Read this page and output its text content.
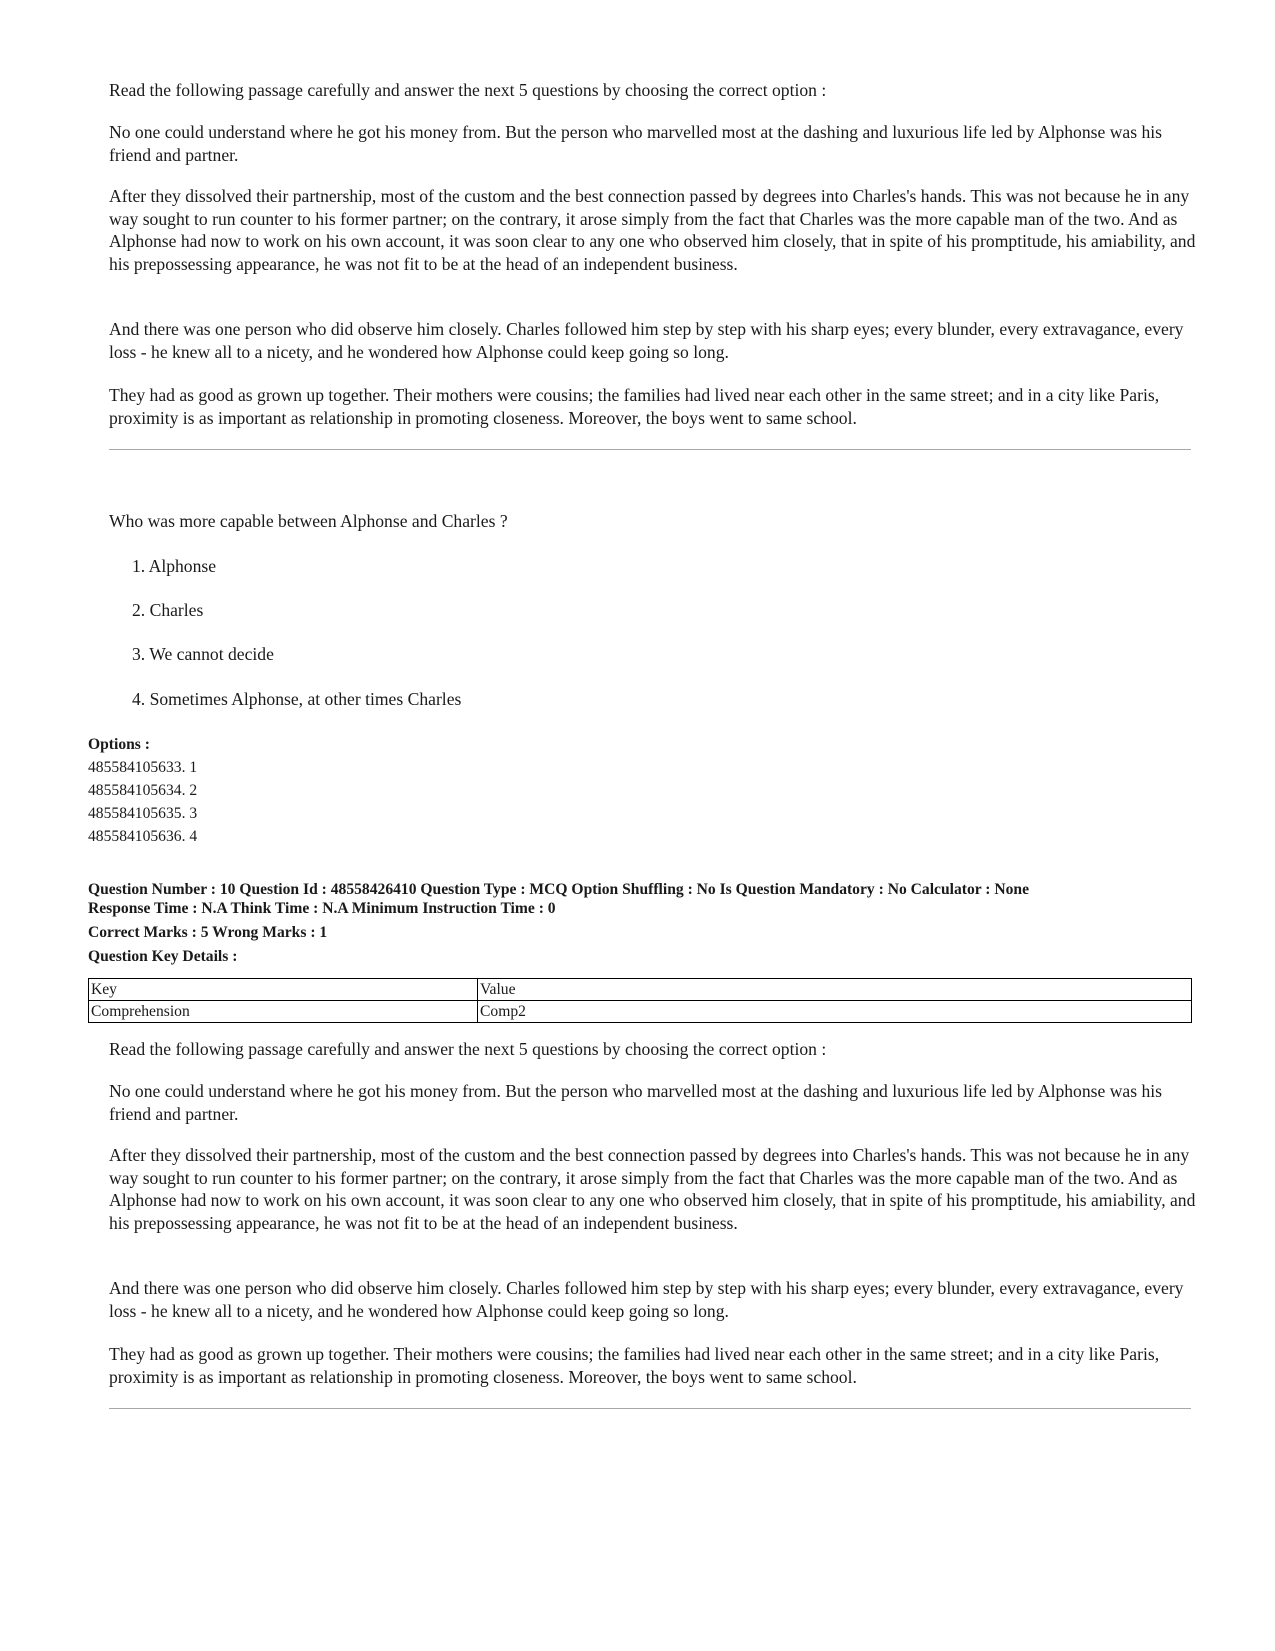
Read the following passage carefully and answer the next 5 questions by choosing the correct option :

No one could understand where he got his money from. But the person who marvelled most at the dashing and luxurious life led by Alphonse was his friend and partner.

After they dissolved their partnership, most of the custom and the best connection passed by degrees into Charles's hands. This was not because he in any way sought to run counter to his former partner; on the contrary, it arose simply from the fact that Charles was the more capable man of the two. And as Alphonse had now to work on his own account, it was soon clear to any one who observed him closely, that in spite of his promptitude, his amiability, and his prepossessing appearance, he was not fit to be at the head of an independent business.

And there was one person who did observe him closely. Charles followed him step by step with his sharp eyes; every blunder, every extravagance, every loss - he knew all to a nicety, and he wondered how Alphonse could keep going so long.

They had as good as grown up together. Their mothers were cousins; the families had lived near each other in the same street; and in a city like Paris, proximity is as important as relationship in promoting closeness. Moreover, the boys went to same school.

Who was more capable between Alphonse and Charles ?

1. Alphonse

2. Charles

3. We cannot decide

4. Sometimes Alphonse, at other times Charles

Options :

485584105633. 1

485584105634. 2

485584105635. 3

485584105636. 4

Question Number : 10 Question Id : 48558426410 Question Type : MCQ Option Shuffling : No Is Question Mandatory : No Calculator : None

Response Time : N.A Think Time : N.A Minimum Instruction Time : 0

Correct Marks : 5 Wrong Marks : 1

Question Key Details :

Key	Value
Comprehension	Comp2

Read the following passage carefully and answer the next 5 questions by choosing the correct option :

No one could understand where he got his money from. But the person who marvelled most at the dashing and luxurious life led by Alphonse was his friend and partner.

After they dissolved their partnership, most of the custom and the best connection passed by degrees into Charles's hands. This was not because he in any way sought to run counter to his former partner; on the contrary, it arose simply from the fact that Charles was the more capable man of the two. And as Alphonse had now to work on his own account, it was soon clear to any one who observed him closely, that in spite of his promptitude, his amiability, and his prepossessing appearance, he was not fit to be at the head of an independent business.

And there was one person who did observe him closely. Charles followed him step by step with his sharp eyes; every blunder, every extravagance, every loss - he knew all to a nicety, and he wondered how Alphonse could keep going so long.

They had as good as grown up together. Their mothers were cousins; the families had lived near each other in the same street; and in a city like Paris, proximity is as important as relationship in promoting closeness. Moreover, the boys went to same school.
